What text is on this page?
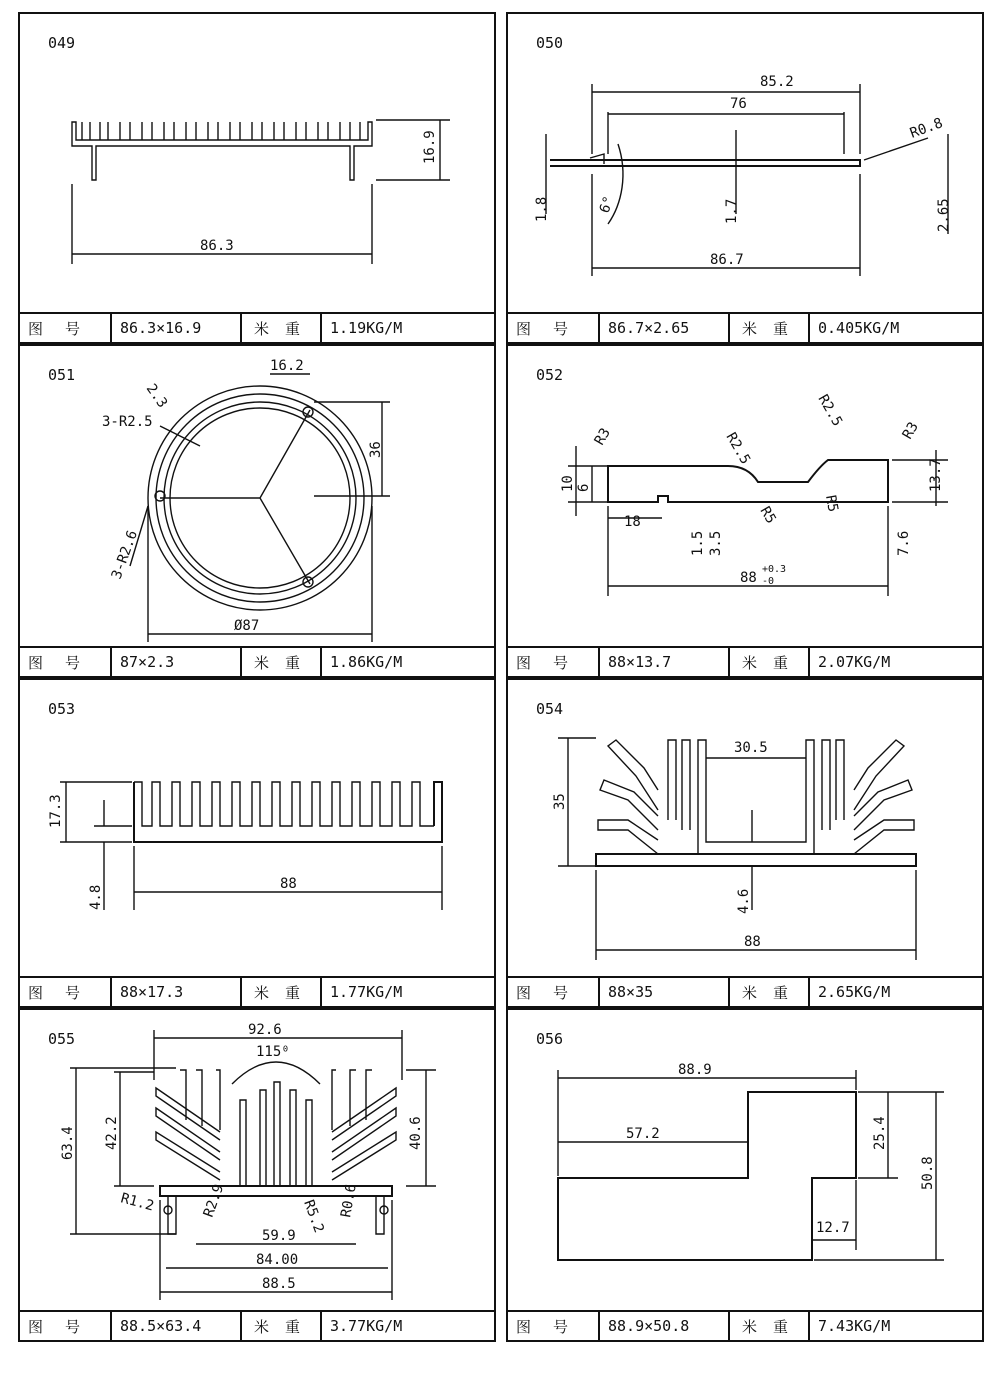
049
86.3
16.9
图号	86.3×16.9	米重 1.19KG/M
050
85.2
76
R0.8
1.8	6°	1.7	2.65
86.7
图号	86.7×2.65	米重 0.405KG/M
051	16.2
36
2.3
3-R2.5
3-R2.6
Ø87
图号	87×2.3	米重 1.86KG/M
052
10 6
R3	R2.5
R2.5
R3
13.7
R5
R5
18
1.5 3.5	7.6
88
+0.3
-0
图号	88×13.7	米重 2.07KG/M
053
17.3
4.8
88
图号	88×17.3	米重 1.77KG/M
054
30.5
35
4.6
88
图号	88×35	米重 2.65KG/M
055
115⁰
92.6
63.4 42.2	40.6
R1.2	R2.9	R5.2 R0.6
59.9
84.00
88.5
图号	88.5×63.4	米重 3.77KG/M
056
88.9
57.2	25.4
50.8
12.7
图号	88.9×50.8	米重 7.43KG/M
